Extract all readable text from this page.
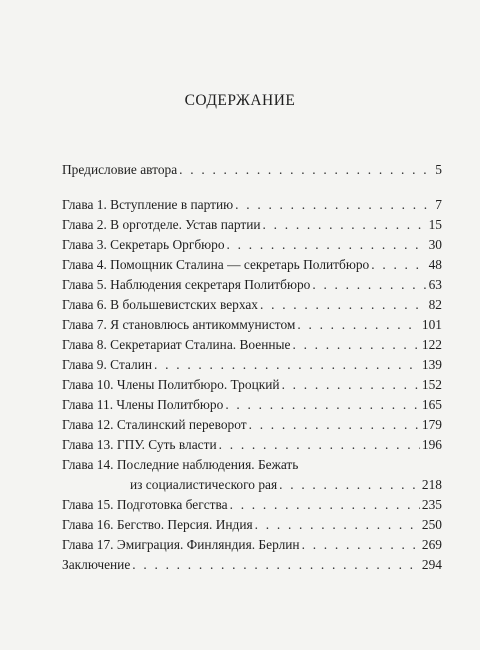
СОДЕРЖАНИЕ
Предисловие автора . . .	5
Глава 1. Вступление в партию . . .	7
Глава 2. В орготделе. Устав партии . . .	15
Глава 3. Секретарь Оргбюро . . .	30
Глава 4. Помощник Сталина — секретарь Политбюро . . .	48
Глава 5. Наблюдения секретаря Политбюро . . .	63
Глава 6. В большевистских верхах . . .	82
Глава 7. Я становлюсь антикоммунистом . . .	101
Глава 8. Секретариат Сталина. Военные . . .	122
Глава 9. Сталин . . .	139
Глава 10. Члены Политбюро. Троцкий . . .	152
Глава 11. Члены Политбюро . . .	165
Глава 12. Сталинский переворот . . .	179
Глава 13. ГПУ. Суть власти . . .	196
Глава 14. Последние наблюдения. Бежать
из социалистического рая . . .	218
Глава 15. Подготовка бегства . . .	235
Глава 16. Бегство. Персия. Индия . . .	250
Глава 17. Эмиграция. Финляндия. Берлин . . .	269
Заключение . . .	294
